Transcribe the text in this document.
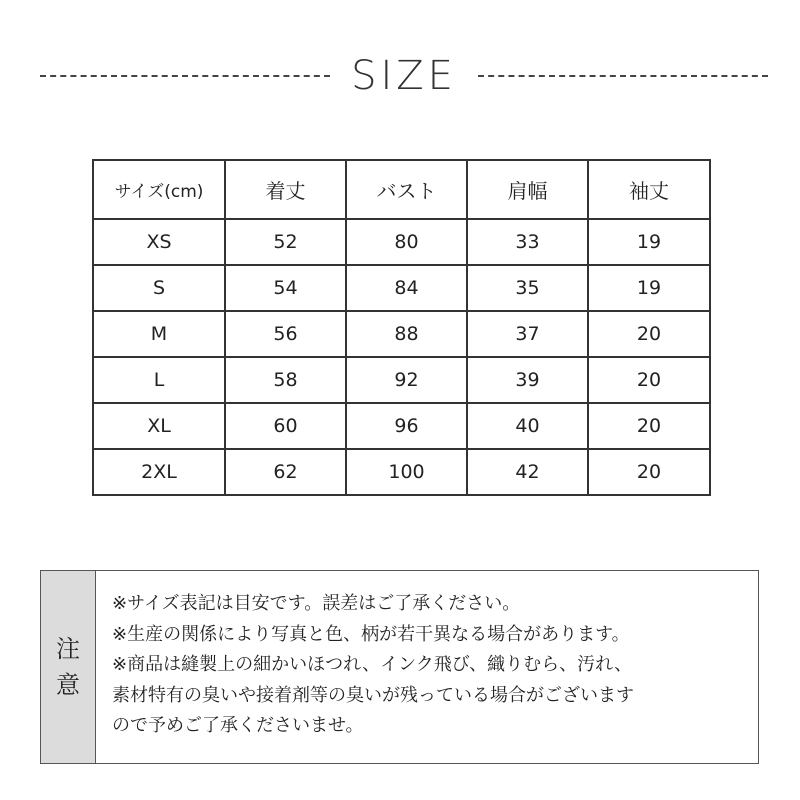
SIZE
サイズ(cm)	着丈	バスト	肩幅	袖丈
XS	52	80	33	19
S	54	84	35	19
M	56	88	37	20
L	58	92	39	20
XL	60	96	40	20
2XL	62	100	42	20
注
意
※サイズ表記は目安です。誤差はご了承ください。
※生産の関係により写真と色、柄が若干異なる場合があります。
※商品は縫製上の細かいほつれ、インク飛び、織りむら、汚れ、
素材特有の臭いや接着剤等の臭いが残っている場合がございます
ので予めご了承くださいませ。
